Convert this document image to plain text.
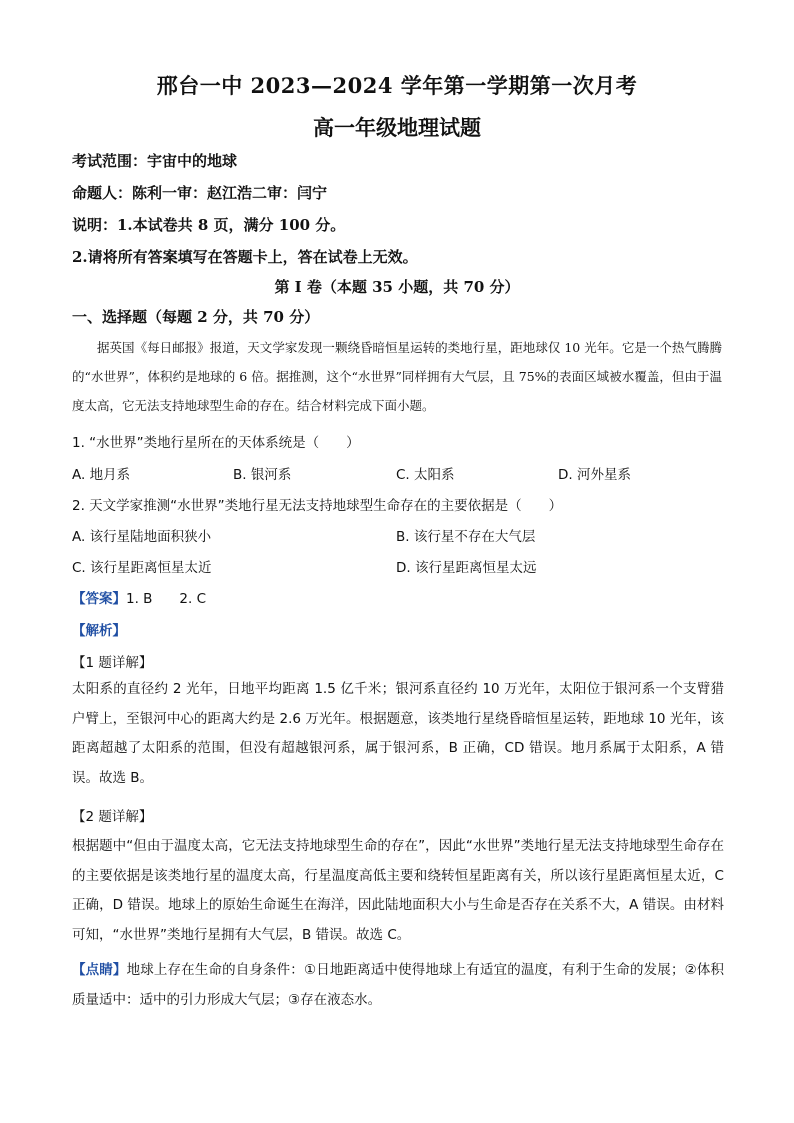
邢台一中 2023—2024 学年第一学期第一次月考
高一年级地理试题
考试范围：宇宙中的地球
命题人：陈利一审：赵江浩二审：闫宁
说明：1.本试卷共 8 页，满分 100 分。
2.请将所有答案填写在答题卡上，答在试卷上无效。
第 I 卷（本题 35 小题，共 70 分）
一、选择题（每题 2 分，共 70 分）

据英国《每日邮报》报道，天文学家发现一颗绕昏暗恒星运转的类地行星，距地球仅 10 光年。它是一个热气腾腾的“水世界”，体积约是地球的 6 倍。据推测，这个“水世界”同样拥有大气层，且 75%的表面区域被水覆盖，但由于温度太高，它无法支持地球型生命的存在。结合材料完成下面小题。

1. “水世界”类地行星所在的天体系统是（　　）
A. 地月系	B. 银河系	C. 太阳系	D. 河外星系
2. 天文学家推测“水世界”类地行星无法支持地球型生命存在的主要依据是（　　）
A. 该行星陆地面积狭小	B. 该行星不存在大气层
C. 该行星距离恒星太近	D. 该行星距离恒星太远
【答案】1. B　　2. C
【解析】
【1 题详解】
太阳系的直径约 2 光年，日地平均距离 1.5 亿千米；银河系直径约 10 万光年，太阳位于银河系一个支臂猎户臂上，至银河中心的距离大约是 2.6 万光年。根据题意，该类地行星绕昏暗恒星运转，距地球 10 光年，该距离超越了太阳系的范围，但没有超越银河系，属于银河系，B 正确，CD 错误。地月系属于太阳系，A 错误。故选 B。
【2 题详解】
根据题中“但由于温度太高，它无法支持地球型生命的存在”，因此“水世界”类地行星无法支持地球型生命存在的主要依据是该类地行星的温度太高，行星温度高低主要和绕转恒星距离有关，所以该行星距离恒星太近，C 正确，D 错误。地球上的原始生命诞生在海洋，因此陆地面积大小与生命是否存在关系不大，A 错误。由材料可知，“水世界”类地行星拥有大气层，B 错误。故选 C。
【点睛】地球上存在生命的自身条件：①日地距离适中使得地球上有适宜的温度，有利于生命的发展；②体积质量适中：适中的引力形成大气层；③存在液态水。
